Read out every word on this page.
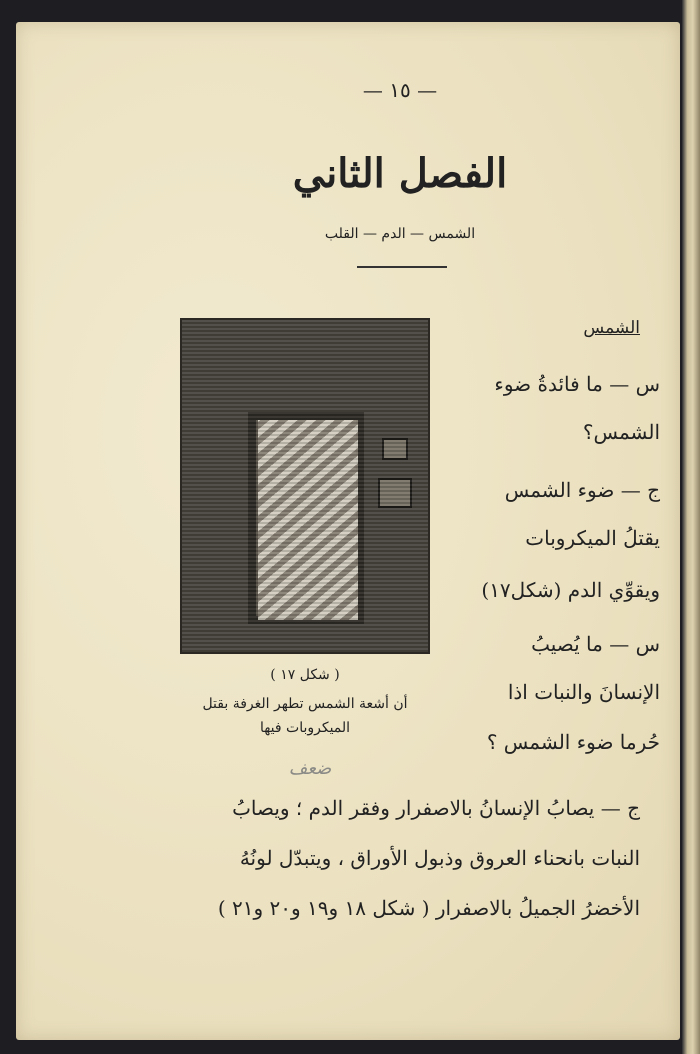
— ١٥ —
الفصل الثاني
الشمس — الدم — القلب
( شكل ١٧ )
أن أشعة الشمس تطهر الغرفة بقتل
الميكروبات فيها
ضعف
الشمس
س — ما فائدةُ ضوء
الشمس؟
ج — ضوء الشمس
يقتلُ الميكروبات
ويقوِّي الدم (شكل١٧)
س — ما يُصيبُ
الإنسانَ والنبات اذا
حُرما ضوء الشمس ؟
ج — يصابُ الإنسانُ بالاصفرار وفقر الدم ؛ ويصابُ
النبات بانحناء العروق وذبول الأوراق ، ويتبدّل لونُهُ
الأخضرُ الجميلُ بالاصفرار ( شكل ١٨ و١٩ و٢٠ و٢١ )
